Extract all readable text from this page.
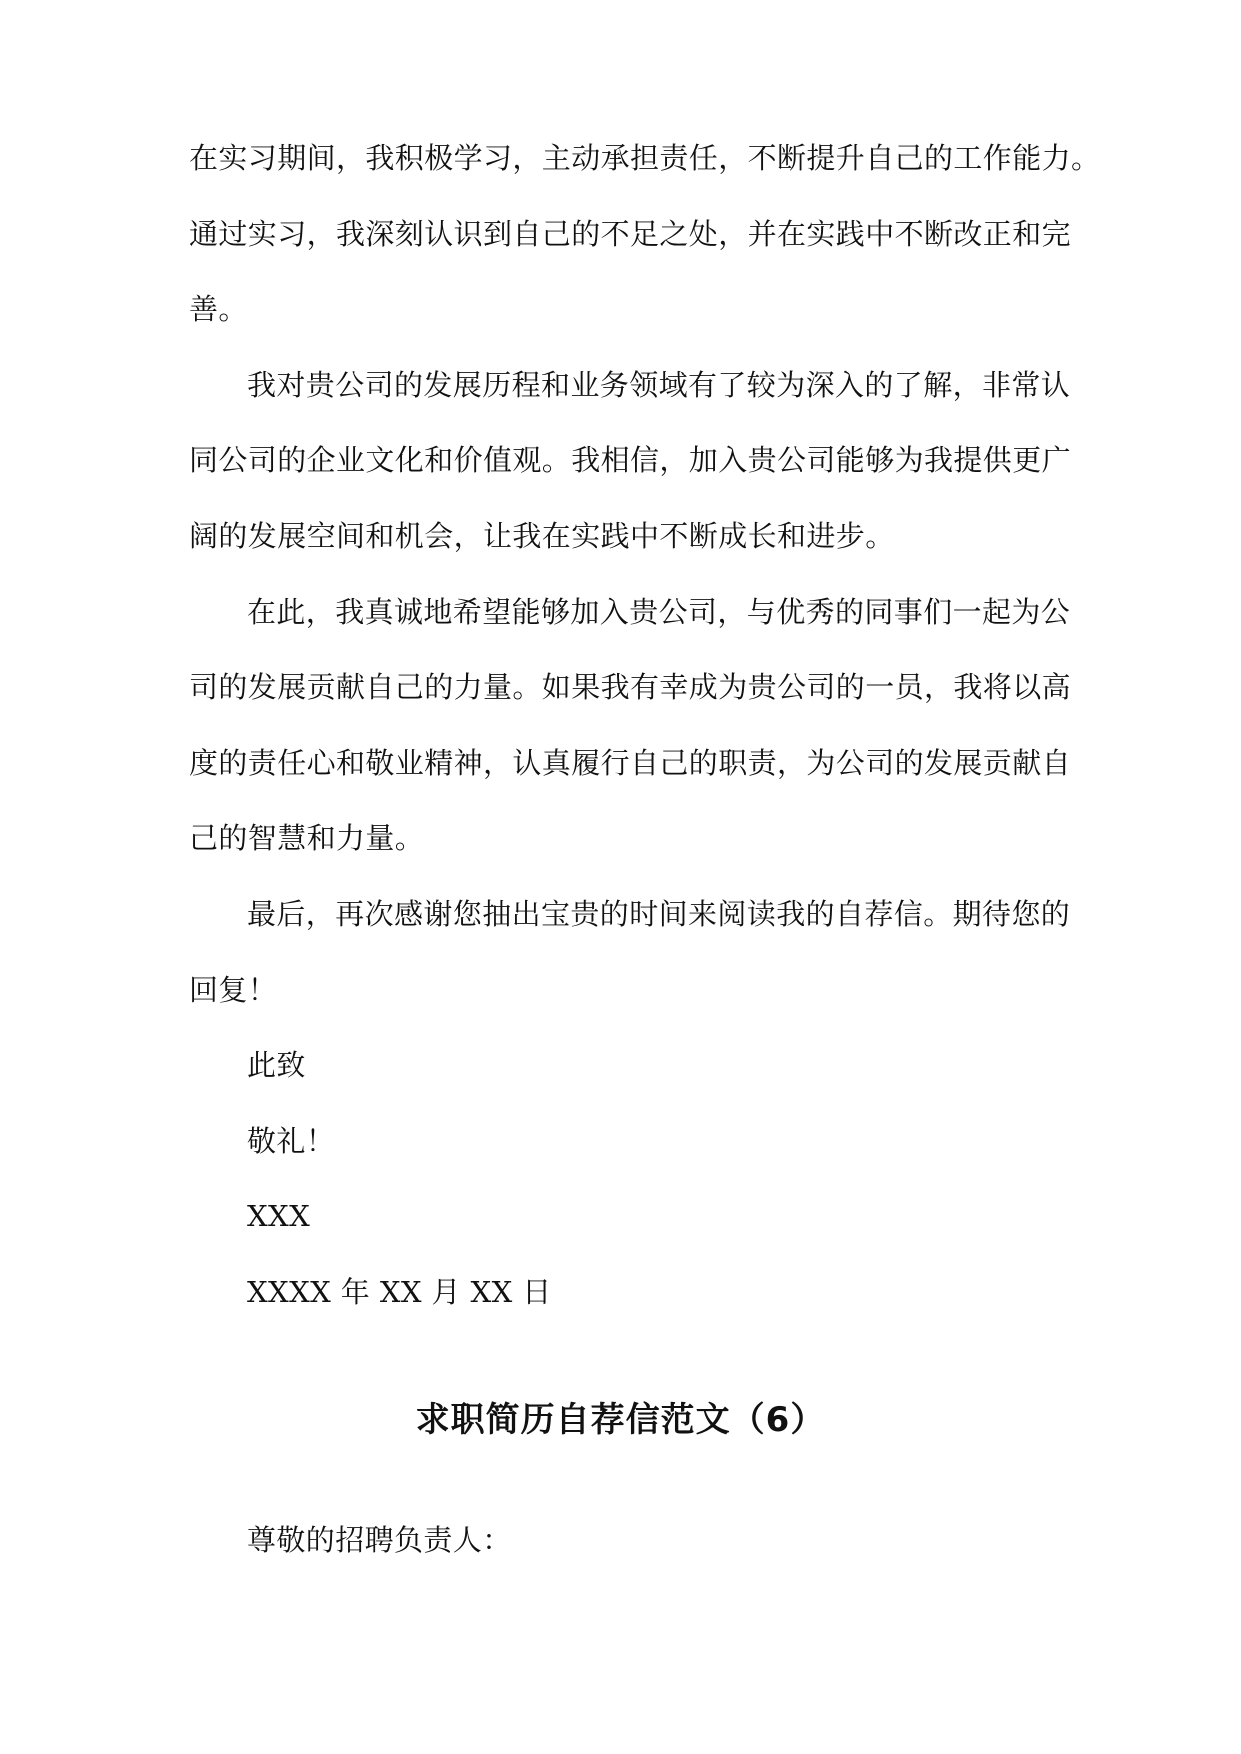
在实习期间，我积极学习，主动承担责任，不断提升自己的工作能力。
通过实习，我深刻认识到自己的不足之处，并在实践中不断改正和完
善。
我对贵公司的发展历程和业务领域有了较为深入的了解，非常认
同公司的企业文化和价值观。我相信，加入贵公司能够为我提供更广
阔的发展空间和机会，让我在实践中不断成长和进步。
在此，我真诚地希望能够加入贵公司，与优秀的同事们一起为公
司的发展贡献自己的力量。如果我有幸成为贵公司的一员，我将以高
度的责任心和敬业精神，认真履行自己的职责，为公司的发展贡献自
己的智慧和力量。
最后，再次感谢您抽出宝贵的时间来阅读我的自荐信。期待您的
回复！
此致
敬礼！
XXX
XXXX 年 XX 月 XX 日
求职简历自荐信范文（6）
尊敬的招聘负责人：
